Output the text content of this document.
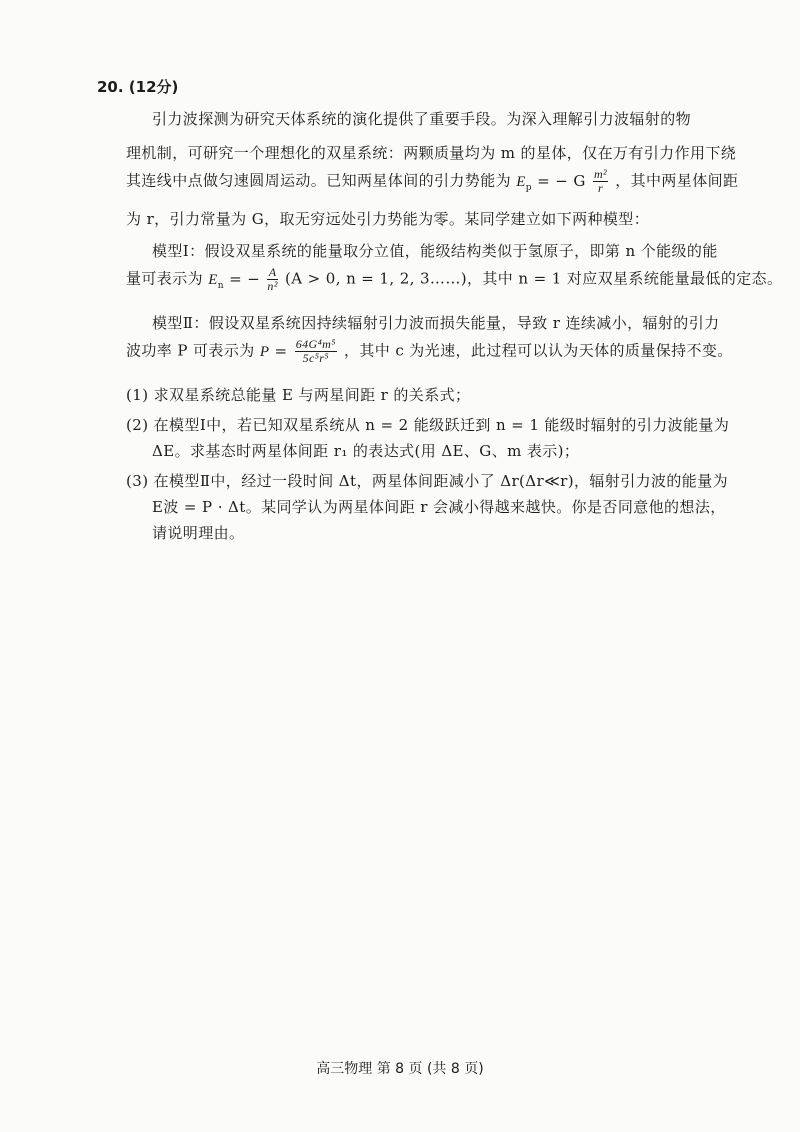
20. (12分)
引力波探测为研究天体系统的演化提供了重要手段。为深入理解引力波辐射的物
理机制，可研究一个理想化的双星系统：两颗质量均为 m 的星体，仅在万有引力作用下绕
其连线中点做匀速圆周运动。已知两星体间的引力势能为 $E_p$ = − G $\frac{\text{m²}}{r}$ ，其中两星体间距
为 r，引力常量为 G，取无穷远处引力势能为零。某同学建立如下两种模型：
模型Ⅰ：假设双星系统的能量取分立值，能级结构类似于氢原子，即第 n 个能级的能
量可表示为 $E_n$ = − $\frac{A}{\text{n²}} (A > 0$, n = 1, 2, 3……)，其中 n = 1 对应双星系统能量最低的定态。
模型Ⅱ：假设双星系统因持续辐射引力波而损失能量，导致 r 连续减小，辐射的引力
波功率 P 可表示为 $P = \frac{\text{64G⁴m⁵}}{\text{5c⁵r⁵}}$ ，其中 c 为光速，此过程可以认为天体的质量保持不变。
(1) 求双星系统总能量 E 与两星间距 r 的关系式；
(2) 在模型Ⅰ中，若已知双星系统从 n = 2 能级跃迁到 n = 1 能级时辐射的引力波能量为
ΔE。求基态时两星体间距 r₁ 的表达式(用 ΔE、G、m 表示)；
(3) 在模型Ⅱ中，经过一段时间 Δt，两星体间距减小了 Δr(Δr≪r)，辐射引力波的能量为
E波 = P · Δt。某同学认为两星体间距 r 会减小得越来越快。你是否同意他的想法，
请说明理由。
高三物理 第 8 页 (共 8 页)
